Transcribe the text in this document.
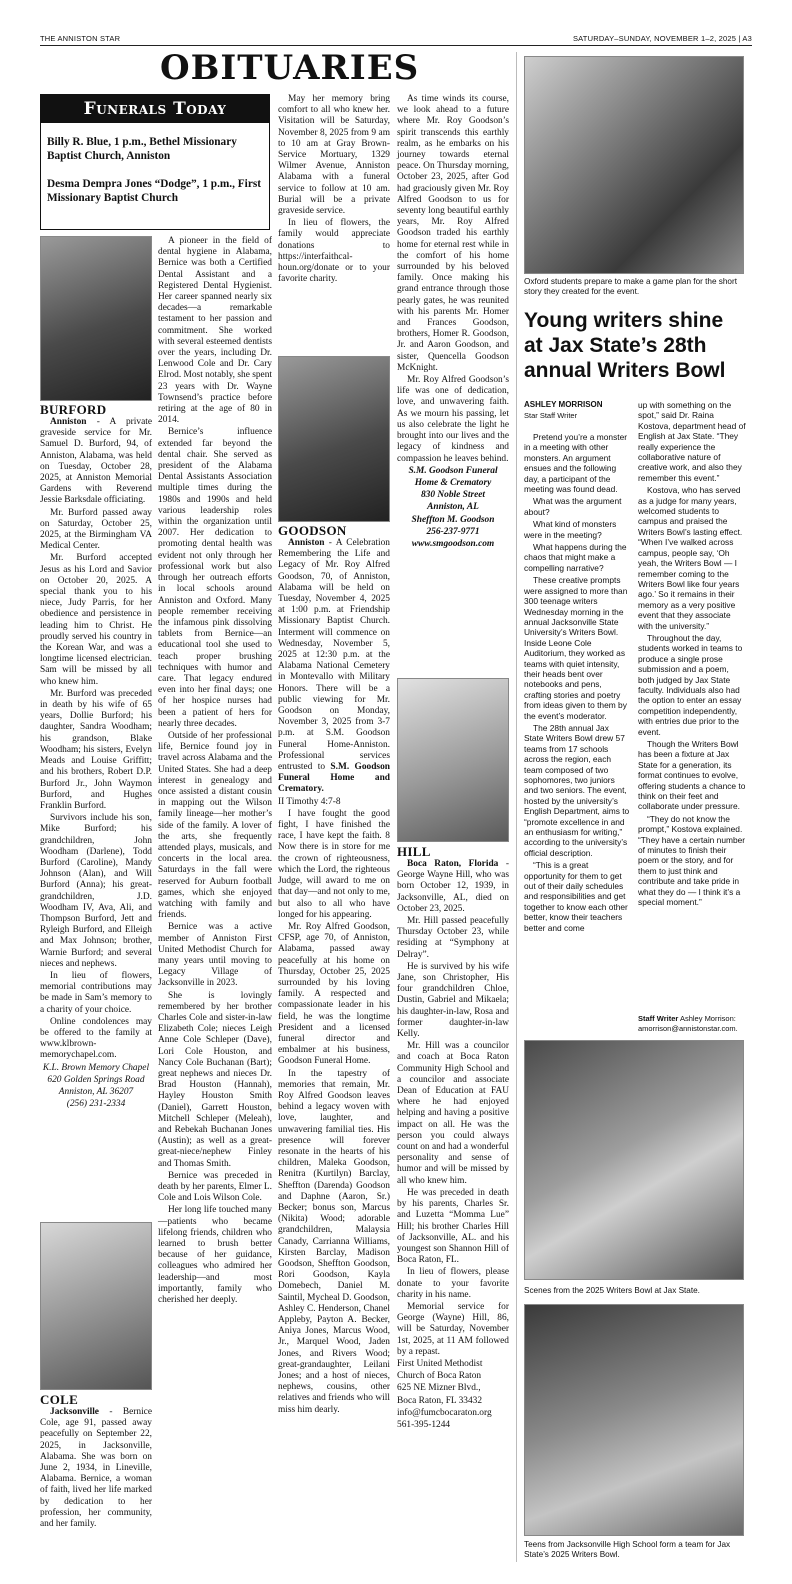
THE ANNISTON STAR	SATURDAY–SUNDAY, NOVEMBER 1–2, 2025 | A3
OBITUARIES
Funerals Today
Billy R. Blue, 1 p.m., Bethel Missionary Baptist Church, Anniston
Desma Dempra Jones “Dodge”, 1 p.m., First Missionary Baptist Church
BURFORD

Anniston - A private graveside service for Mr. Samuel D. Burford, 94, of Anniston, Alabama, was held on Tuesday, October 28, 2025, at Anniston Memorial Gardens with Reverend Jessie Barksdale officiating.

Mr. Burford passed away on Saturday, October 25, 2025, at the Birmingham VA Medical Center.

Mr. Burford accepted Jesus as his Lord and Savior on October 20, 2025. A special thank you to his niece, Judy Parris, for her obedience and persistence in leading him to Christ. He proudly served his country in the Korean War, and was a longtime licensed electrician. Sam will be missed by all who knew him.

Mr. Burford was preceded in death by his wife of 65 years, Dollie Burford; his daughter, Sandra Woodham; his grandson, Blake Woodham; his sisters, Evelyn Meads and Louise Griffitt; and his brothers, Robert D.P. Burford Jr., John Waymon Burford, and Hughes Franklin Burford.

Survivors include his son, Mike Burford; his grandchildren, John Woodham (Darlene), Todd Burford (Caroline), Mandy Johnson (Alan), and Will Burford (Anna); his great-grandchildren, J.D. Woodham IV, Ava, Ali, and Thompson Burford, Jett and Ryleigh Burford, and Elleigh and Max Johnson; brother, Warnie Burford; and several nieces and nephews.

In lieu of flowers, memorial contributions may be made in Sam’s memory to a charity of your choice.

Online condolences may be offered to the family at www.klbrown-memorychapel.com.

K.L. Brown Memory Chapel

620 Golden Springs Road

Anniston, AL 36207

(256) 231-2334

COLE

Jacksonville - Bernice Cole, age 91, passed away peacefully on September 22, 2025, in Jacksonville, Alabama. She was born on June 2, 1934, in Lineville, Alabama. Bernice, a woman of faith, lived her life marked by dedication to her profession, her community, and her family.

A pioneer in the field of dental hygiene in Alabama, Bernice was both a Certified Dental Assistant and a Registered Dental Hygienist. Her career spanned nearly six decades—a remarkable testament to her passion and commitment. She worked with several esteemed dentists over the years, including Dr. Lenwood Cole and Dr. Cary Elrod. Most notably, she spent 23 years with Dr. Wayne Townsend’s practice before retiring at the age of 80 in 2014.

Bernice’s influence extended far beyond the dental chair. She served as president of the Alabama Dental Assistants Association multiple times during the 1980s and 1990s and held various leadership roles within the organization until 2007. Her dedication to promoting dental health was evident not only through her professional work but also through her outreach efforts in local schools around Anniston and Oxford. Many people remember receiving the infamous pink dissolving tablets from Bernice—an educational tool she used to teach proper brushing techniques with humor and care. That legacy endured even into her final days; one of her hospice nurses had been a patient of hers for nearly three decades.

Outside of her professional life, Bernice found joy in travel across Alabama and the United States. She had a deep interest in genealogy and once assisted a distant cousin in mapping out the Wilson family lineage—her mother’s side of the family. A lover of the arts, she frequently attended plays, musicals, and concerts in the local area. Saturdays in the fall were reserved for Auburn football games, which she enjoyed watching with family and friends.

Bernice was a active member of Anniston First United Methodist Church for many years until moving to Legacy Village of Jacksonville in 2023.

She is lovingly remembered by her brother Charles Cole and sister-in-law Elizabeth Cole; nieces Leigh Anne Cole Schleper (Dave), Lori Cole Houston, and Nancy Cole Buchanan (Bart); great nephews and nieces Dr. Brad Houston (Hannah), Hayley Houston Smith (Daniel), Garrett Houston, Mitchell Schleper (Meleah), and Rebekah Buchanan Jones (Austin); as well as a great-great-niece/nephew Finley and Thomas Smith.

Bernice was preceded in death by her parents, Elmer L. Cole and Lois Wilson Cole.

Her long life touched many—patients who became lifelong friends, children who learned to brush better because of her guidance, colleagues who admired her leadership—and most importantly, family who cherished her deeply.

May her memory bring comfort to all who knew her. Visitation will be Saturday, November 8, 2025 from 9 am to 10 am at Gray Brown-Service Mortuary, 1329 Wilmer Avenue, Anniston Alabama with a funeral service to follow at 10 am. Burial will be a private graveside service.

In lieu of flowers, the family would appreciate donations to https://interfaithcal-houn.org/donate or to your favorite charity.

GOODSON

Anniston - A Celebration Remembering the Life and Legacy of Mr. Roy Alfred Goodson, 70, of Anniston, Alabama will be held on Tuesday, November 4, 2025 at 1:00 p.m. at Friendship Missionary Baptist Church. Interment will commence on Wednesday, November 5, 2025 at 12:30 p.m. at the Alabama National Cemetery in Montevallo with Military Honors. There will be a public viewing for Mr. Goodson on Monday, November 3, 2025 from 3-7 p.m. at S.M. Goodson Funeral Home-Anniston. Professional services entrusted to S.M. Goodson Funeral Home and Crematory.

II Timothy 4:7-8

I have fought the good fight, I have finished the race, I have kept the faith. 8 Now there is in store for me the crown of righteousness, which the Lord, the righteous Judge, will award to me on that day—and not only to me, but also to all who have longed for his appearing.

Mr. Roy Alfred Goodson, CFSP, age 70, of Anniston, Alabama, passed away peacefully at his home on Thursday, October 25, 2025 surrounded by his loving family. A respected and compassionate leader in his field, he was the longtime President and a licensed funeral director and embalmer at his business, Goodson Funeral Home.

In the tapestry of memories that remain, Mr. Roy Alfred Goodson leaves behind a legacy woven with love, laughter, and unwavering familial ties. His presence will forever resonate in the hearts of his children, Maleka Goodson, Renitra (Kurtilyn) Barclay, Sheffton (Darenda) Goodson and Daphne (Aaron, Sr.) Becker; bonus son, Marcus (Nikita) Wood; adorable grandchildren, Malaysia Canady, Carrianna Williams, Kirsten Barclay, Madison Goodson, Sheffton Goodson, Rori Goodson, Kayla Domebech, Daniel M. Saintil, Mycheal D. Goodson, Ashley C. Henderson, Chanel Appleby, Payton A. Becker, Aniya Jones, Marcus Wood, Jr., Marquel Wood, Jaden Jones, and Rivers Wood; great-grandaughter, Leilani Jones; and a host of nieces, nephews, cousins, other relatives and friends who will miss him dearly.

As time winds its course, we look ahead to a future where Mr. Roy Goodson’s spirit transcends this earthly realm, as he embarks on his journey towards eternal peace. On Thursday morning, October 23, 2025, after God had graciously given Mr. Roy Alfred Goodson to us for seventy long beautiful earthly years, Mr. Roy Alfred Goodson traded his earthly home for eternal rest while in the comfort of his home surrounded by his beloved family. Once making his grand entrance through those pearly gates, he was reunited with his parents Mr. Homer and Frances Goodson, brothers, Homer R. Goodson, Jr. and Aaron Goodson, and sister, Quencella Goodson McKnight.

Mr. Roy Alfred Goodson’s life was one of dedication, love, and unwavering faith. As we mourn his passing, let us also celebrate the light he brought into our lives and the legacy of kindness and compassion he leaves behind.

S.M. Goodson Funeral

Home & Crematory

830 Noble Street

Anniston, AL

Sheffton M. Goodson

256-237-9771

www.smgoodson.com

HILL

Boca Raton, Florida - George Wayne Hill, who was born October 12, 1939, in Jacksonville, AL, died on October 23, 2025.

Mr. Hill passed peacefully Thursday October 23, while residing at “Symphony at Delray”.

He is survived by his wife Jane, son Christopher, His four grandchildren Chloe, Dustin, Gabriel and Mikaela; his daughter-in-law, Rosa and former daughter-in-law Kelly.

Mr. Hill was a councilor and coach at Boca Raton Community High School and a councilor and associate Dean of Education at FAU where he had enjoyed helping and having a positive impact on all. He was the person you could always count on and had a wonderful personality and sense of humor and will be missed by all who knew him.

He was preceded in death by his parents, Charles Sr. and Luzetta “Momma Lue” Hill; his brother Charles Hill of Jacksonville, AL. and his youngest son Shannon Hill of Boca Raton, FL.

In lieu of flowers, please donate to your favorite charity in his name.

Memorial service for George (Wayne) Hill, 86, will be Saturday, November 1st, 2025, at 11 AM followed by a repast.

First United Methodist

Church of Boca Raton

625 NE Mizner Blvd.,

Boca Raton, FL 33432

info@fumcbocaraton.org

561-395-1244

Oxford students prepare to make a game plan for the short story they created for the event.
Young writers shine at Jax State’s 28th annual Writers Bowl
ASHLEY MORRISON
Star Staff Writer

Pretend you’re a monster in a meeting with other monsters. An argument ensues and the following day, a participant of the meeting was found dead.

What was the argument about?

What kind of monsters were in the meeting?

What happens during the chaos that might make a compelling narrative?

These creative prompts were assigned to more than 300 teenage writers Wednesday morning in the annual Jacksonville State University’s Writers Bowl. Inside Leone Cole Auditorium, they worked as teams with quiet intensity, their heads bent over notebooks and pens, crafting stories and poetry from ideas given to them by the event’s moderator.

The 28th annual Jax State Writers Bowl drew 57 teams from 17 schools across the region, each team composed of two sophomores, two juniors and two seniors. The event, hosted by the university’s English Department, aims to “promote excellence in and an enthusiasm for writing,” according to the university’s official description.

“This is a great opportunity for them to get out of their daily schedules and responsibilities and get together to know each other better, know their teachers better and come

up with something on the spot,” said Dr. Raina Kostova, department head of English at Jax State. “They really experience the collaborative nature of creative work, and also they remember this event.”

Kostova, who has served as a judge for many years, welcomed students to campus and praised the Writers Bowl’s lasting effect. “When I’ve walked across campus, people say, ‘Oh yeah, the Writers Bowl — I remember coming to the Writers Bowl like four years ago.’ So it remains in their memory as a very positive event that they associate with the university.”

Throughout the day, students worked in teams to produce a single prose submission and a poem, both judged by Jax State faculty. Individuals also had the option to enter an essay competition independently, with entries due prior to the event.

Though the Writers Bowl has been a fixture at Jax State for a generation, its format continues to evolve, offering students a chance to think on their feet and collaborate under pressure.

“They do not know the prompt,” Kostova explained. “They have a certain number of minutes to finish their poem or the story, and for them to just think and contribute and take pride in what they do — I think it’s a special moment.”

Staff Writer Ashley Morrison: amorrison@annistonstar.com.
Scenes from the 2025 Writers Bowl at Jax State.
Teens from Jacksonville High School form a team for Jax State’s 2025 Writers Bowl.
